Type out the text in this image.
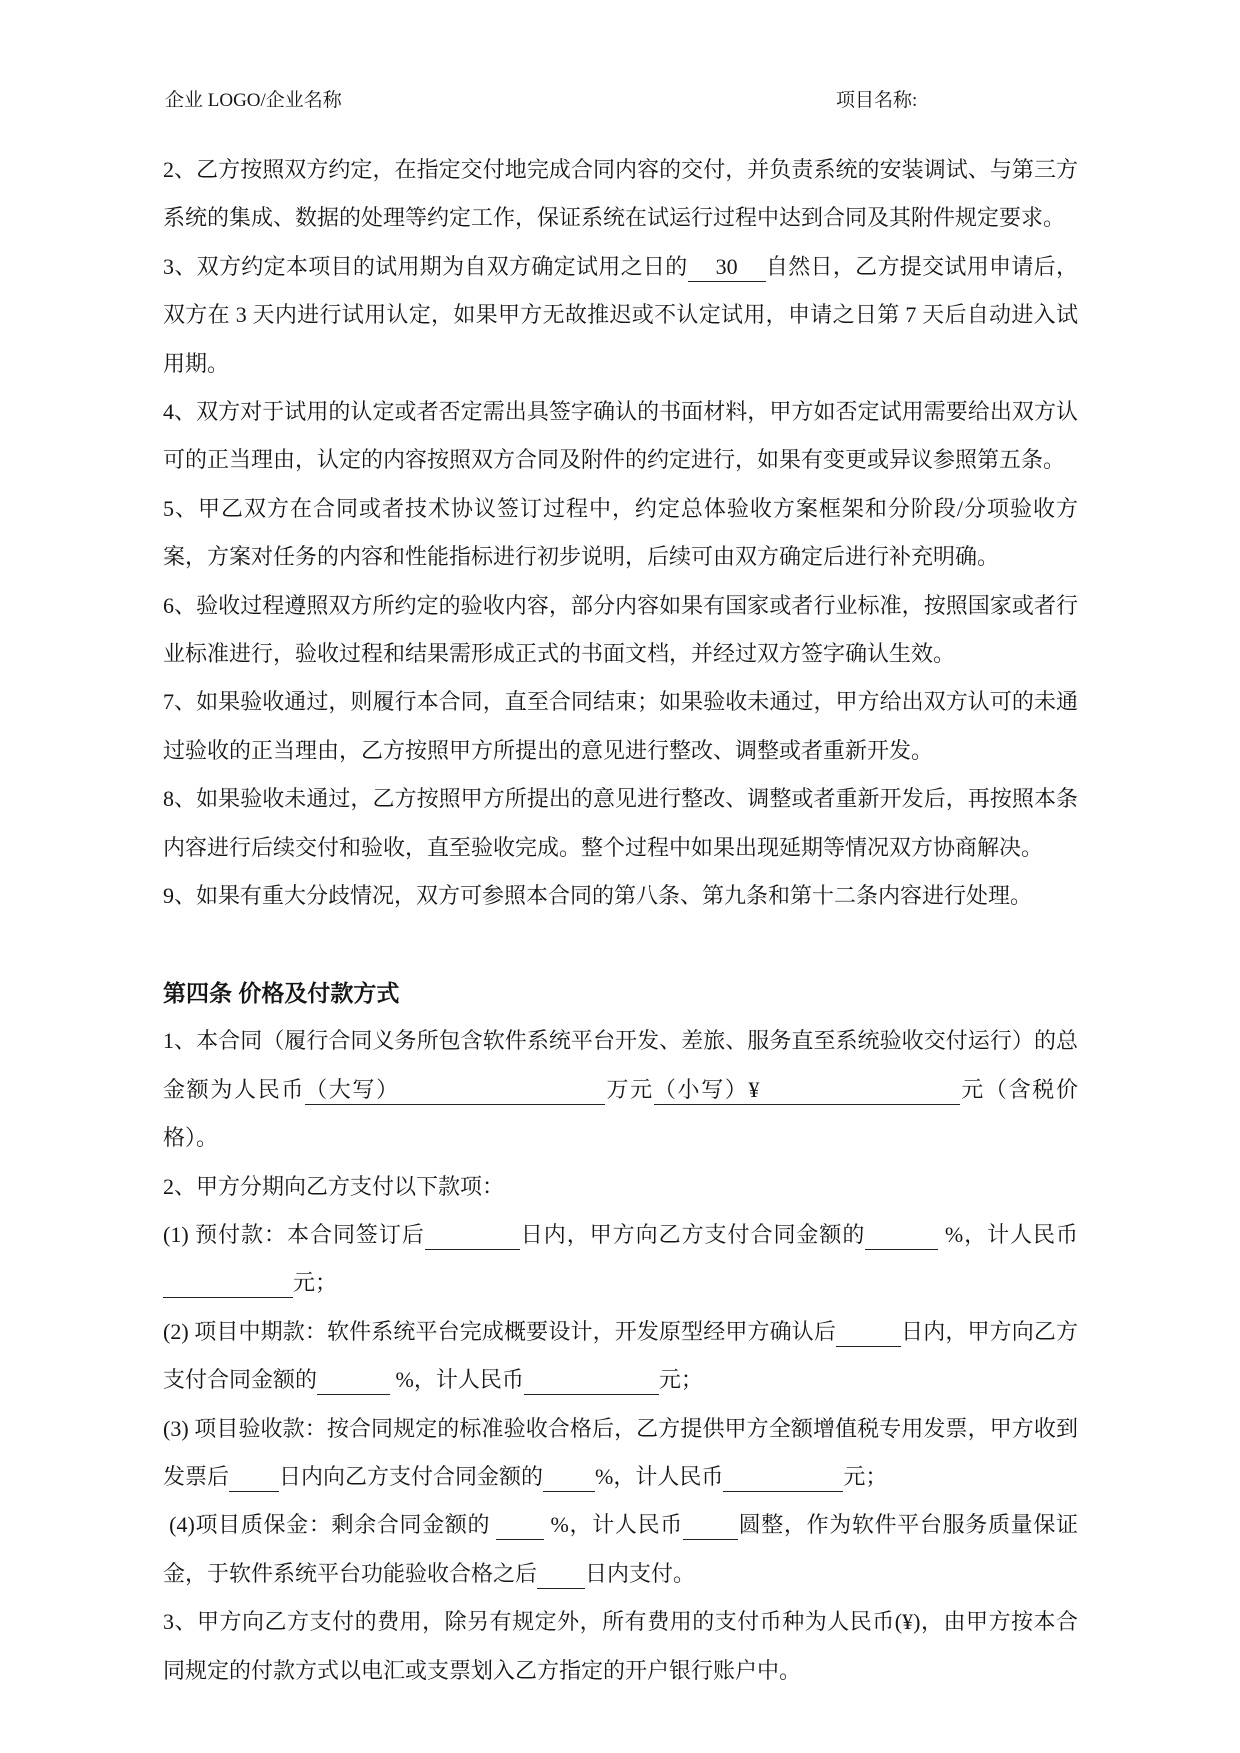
企业 LOGO/企业名称	项目名称:

2、乙方按照双方约定，在指定交付地完成合同内容的交付，并负责系统的安装调试、与第三方系统的集成、数据的处理等约定工作，保证系统在试运行过程中达到合同及其附件规定要求。

3、双方约定本项目的试用期为自双方确定试用之日的 30 自然日，乙方提交试用申请后，双方在 3 天内进行试用认定，如果甲方无故推迟或不认定试用，申请之日第 7 天后自动进入试用期。

4、双方对于试用的认定或者否定需出具签字确认的书面材料，甲方如否定试用需要给出双方认可的正当理由，认定的内容按照双方合同及附件的约定进行，如果有变更或异议参照第五条。

5、甲乙双方在合同或者技术协议签订过程中，约定总体验收方案框架和分阶段/分项验收方案，方案对任务的内容和性能指标进行初步说明，后续可由双方确定后进行补充明确。

6、验收过程遵照双方所约定的验收内容，部分内容如果有国家或者行业标准，按照国家或者行业标准进行，验收过程和结果需形成正式的书面文档，并经过双方签字确认生效。

7、如果验收通过，则履行本合同，直至合同结束；如果验收未通过，甲方给出双方认可的未通过验收的正当理由，乙方按照甲方所提出的意见进行整改、调整或者重新开发。

8、如果验收未通过，乙方按照甲方所提出的意见进行整改、调整或者重新开发后，再按照本条内容进行后续交付和验收，直至验收完成。整个过程中如果出现延期等情况双方协商解决。

9、如果有重大分歧情况，双方可参照本合同的第八条、第九条和第十二条内容进行处理。

第四条 价格及付款方式

1、本合同（履行合同义务所包含软件系统平台开发、差旅、服务直至系统验收交付运行）的总金额为人民币（大写）	万元（小写）¥	元（含税价格）。

2、甲方分期向乙方支付以下款项：

(1) 预付款：本合同签订后	日内，甲方向乙方支付合同金额的	%，计人民币  元；

(2) 项目中期款：软件系统平台完成概要设计，开发原型经甲方确认后	日内，甲方向乙方支付合同金额的	%，计人民币	元；

(3) 项目验收款：按合同规定的标准验收合格后，乙方提供甲方全额增值税专用发票，甲方收到发票后 日内向乙方支付合同金额的 %，计人民币	元；

(4)项目质保金：剩余合同金额的   %，计人民币	圆整，作为软件平台服务质量保证金，于软件系统平台功能验收合格之后 日内支付。

3、甲方向乙方支付的费用，除另有规定外，所有费用的支付币种为人民币(¥)，由甲方按本合同规定的付款方式以电汇或支票划入乙方指定的开户银行账户中。
